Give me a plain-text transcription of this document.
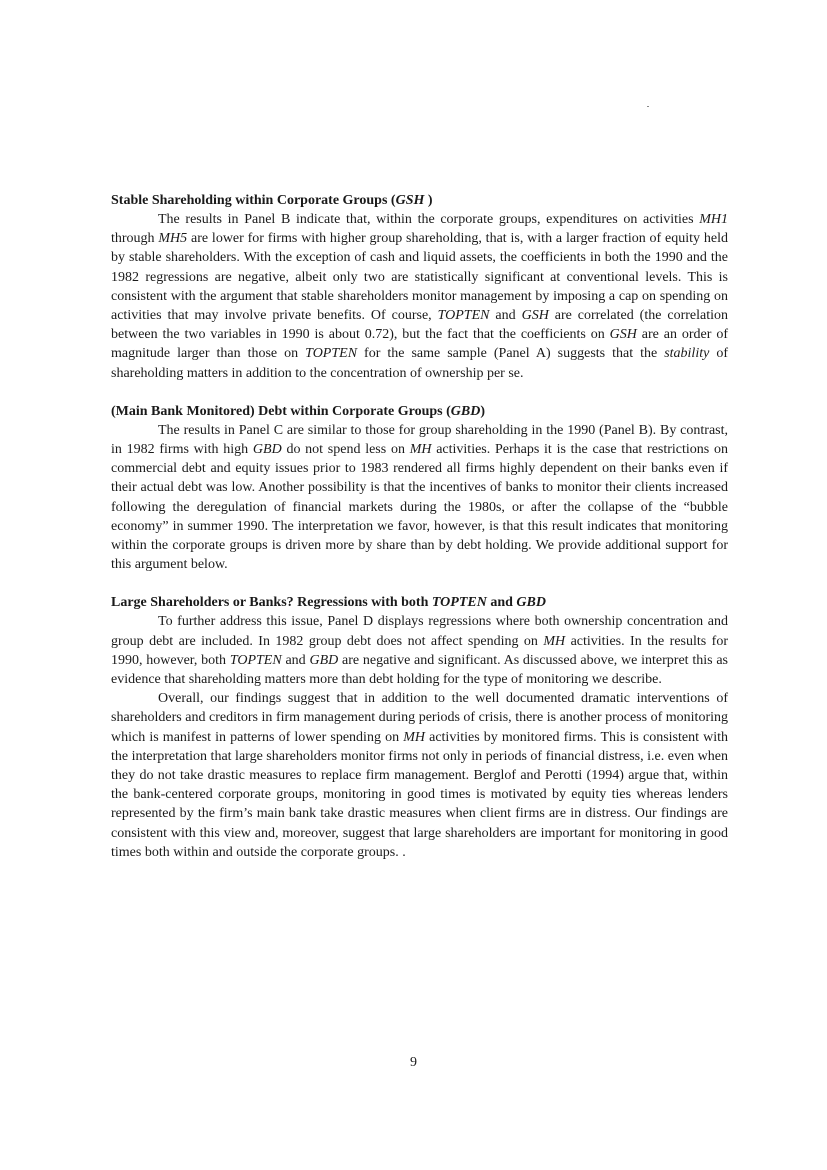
Stable Shareholding within Corporate Groups (GSH )

The results in Panel B indicate that, within the corporate groups, expenditures on activities MH1 through MH5 are lower for firms with higher group shareholding, that is, with a larger fraction of equity held by stable shareholders. With the exception of cash and liquid assets, the coefficients in both the 1990 and the 1982 regressions are negative, albeit only two are statistically significant at conventional levels. This is consistent with the argument that stable shareholders monitor management by imposing a cap on spending on activities that may involve private benefits. Of course, TOPTEN and GSH are correlated (the correlation between the two variables in 1990 is about 0.72), but the fact that the coefficients on GSH are an order of magnitude larger than those on TOPTEN for the same sample (Panel A) suggests that the stability of shareholding matters in addition to the concentration of ownership per se.

(Main Bank Monitored) Debt within Corporate Groups (GBD)

The results in Panel C are similar to those for group shareholding in the 1990 (Panel B). By contrast, in 1982 firms with high GBD do not spend less on MH activities. Perhaps it is the case that restrictions on commercial debt and equity issues prior to 1983 rendered all firms highly dependent on their banks even if their actual debt was low. Another possibility is that the incentives of banks to monitor their clients increased following the deregulation of financial markets during the 1980s, or after the collapse of the “bubble economy” in summer 1990. The interpretation we favor, however, is that this result indicates that monitoring within the corporate groups is driven more by share than by debt holding. We provide additional support for this argument below.

Large Shareholders or Banks? Regressions with both TOPTEN and GBD

To further address this issue, Panel D displays regressions where both ownership concentration and group debt are included. In 1982 group debt does not affect spending on MH activities. In the results for 1990, however, both TOPTEN and GBD are negative and significant. As discussed above, we interpret this as evidence that shareholding matters more than debt holding for the type of monitoring we describe.

Overall, our findings suggest that in addition to the well documented dramatic interventions of shareholders and creditors in firm management during periods of crisis, there is another process of monitoring which is manifest in patterns of lower spending on MH activities by monitored firms. This is consistent with the interpretation that large shareholders monitor firms not only in periods of financial distress, i.e. even when they do not take drastic measures to replace firm management. Berglof and Perotti (1994) argue that, within the bank-centered corporate groups, monitoring in good times is motivated by equity ties whereas lenders represented by the firm’s main bank take drastic measures when client firms are in distress. Our findings are consistent with this view and, moreover, suggest that large shareholders are important for monitoring in good times both within and outside the corporate groups. .

9
